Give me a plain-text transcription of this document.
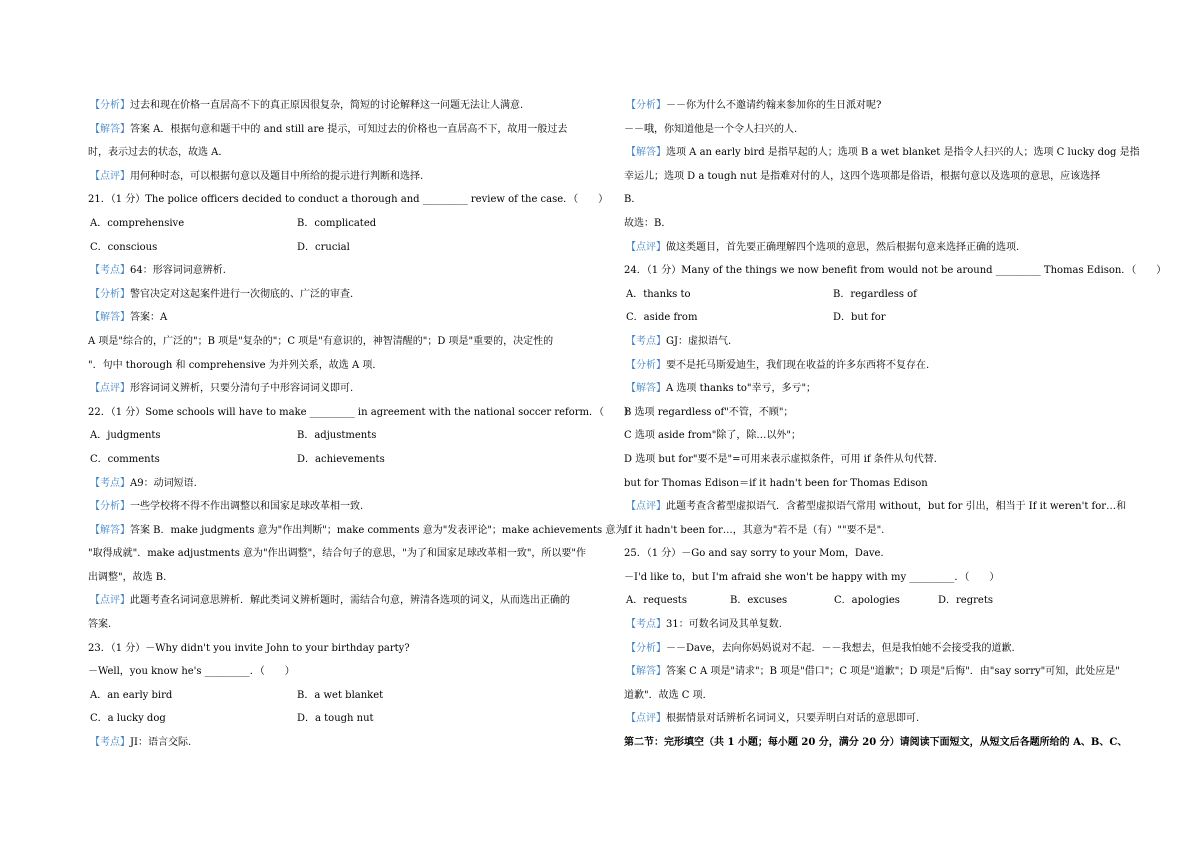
【分析】过去和现在价格一直居高不下的真正原因很复杂，简短的讨论解释这一问题无法让人满意.
【解答】答案 A．根据句意和题干中的 and still are 提示，可知过去的价格也一直居高不下，故用一般过去
时，表示过去的状态，故选 A．
【点评】用何种时态，可以根据句意以及题目中所给的提示进行判断和选择.
21．（1 分）The police officers decided to conduct a thorough and _________ review of the case．（　　）
A．comprehensive	B．complicated
C．conscious	D．crucial
【考点】64：形容词词意辨析.
【分析】警官决定对这起案件进行一次彻底的、广泛的审查.
【解答】答案：A
A 项是"综合的，广泛的"；B 项是"复杂的"；C 项是"有意识的，神智清醒的"；D 项是"重要的，决定性的
"．句中 thorough 和 comprehensive 为并列关系，故选 A 项．
【点评】形容词词义辨析，只要分清句子中形容词词义即可.
22．（1 分）Some schools will have to make _________ in agreement with the national soccer reform．（　　）
A．judgments	B．adjustments
C．comments	D．achievements
【考点】A9：动词短语.
【分析】一些学校将不得不作出调整以和国家足球改革相一致.
【解答】答案 B．make judgments 意为"作出判断"；make comments 意为"发表评论"；make achievements 意为
"取得成就"．make adjustments 意为"作出调整"，结合句子的意思，"为了和国家足球改革相一致"，所以要"作
出调整"，故选 B．
【点评】此题考查名词词意思辨析．解此类词义辨析题时，需结合句意，辨清各选项的词义，从而选出正确的
答案.
23．（1 分）－Why didn't you invite John to your birthday party?
－Well，you know he's _________．（　　）
A．an early bird	B．a wet blanket
C．a lucky dog	D．a tough nut
【考点】JI：语言交际.
【分析】－－你为什么不邀请约翰来参加你的生日派对呢?
－－哦，你知道他是一个令人扫兴的人.
【解答】选项 A an early bird 是指早起的人；选项 B a wet blanket 是指令人扫兴的人；选项 C lucky dog 是指
幸运儿；选项 D a tough nut 是指难对付的人，这四个选项都是俗语，根据句意以及选项的意思，应该选择
B．
故选：B．
【点评】做这类题目，首先要正确理解四个选项的意思，然后根据句意来选择正确的选项.
24．（1 分）Many of the things we now benefit from would not be around _________ Thomas Edison．（　　）
A．thanks to	B．regardless of
C．aside from	D．but for
【考点】GJ：虚拟语气.
【分析】要不是托马斯爱迪生，我们现在收益的许多东西将不复存在.
【解答】A 选项 thanks to"幸亏，多亏"；
B 选项 regardless of"不管，不顾"；
C 选项 aside from"除了，除…以外"；
D 选项 but for"要不是"=可用来表示虚拟条件，可用 if 条件从句代替.
but for Thomas Edison＝if it hadn't been for Thomas Edison
【点评】此题考查含蓄型虚拟语气．含蓄型虚拟语气常用 without，but for 引出，相当于 If it weren't for…和
If it hadn't been for…，其意为"若不是（有）""要不是".
25．（1 分）－Go and say sorry to your Mom，Dave．
－I'd like to，but I'm afraid she won't be happy with my _________．（　　）
A．requests	B．excuses	C．apologies	D．regrets
【考点】31：可数名词及其单复数.
【分析】－－Dave，去向你妈妈说对不起．－－我想去，但是我怕她不会接受我的道歉.
【解答】答案 C A 项是"请求"；B 项是"借口"；C 项是"道歉"；D 项是"后悔"．由"say sorry"可知，此处应是"
道歉"．故选 C 项．
【点评】根据情景对话辨析名词词义，只要弄明白对话的意思即可.
第二节：完形填空（共 1 小题；每小题 20 分，满分 20 分）请阅读下面短文，从短文后各题所给的 A、B、C、
